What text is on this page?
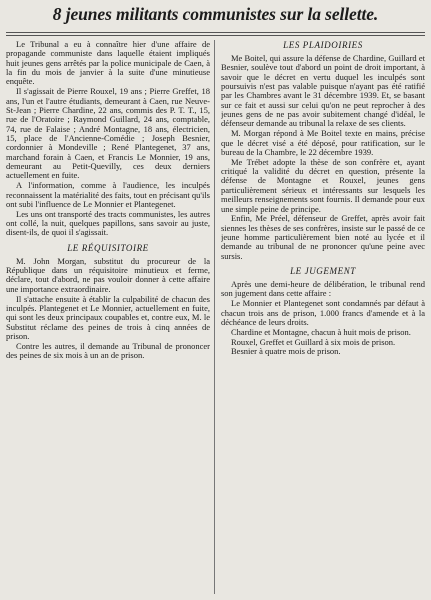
8 jeunes militants communistes sur la sellette.

Le Tribunal a eu à connaître hier d'une affaire de propagande communiste dans laquelle étaient impliqués huit jeunes gens arrêtés par la police municipale de Caen, à la fin du mois de janvier à la suite d'une minutieuse enquête.

Il s'agissait de Pierre Rouxel, 19 ans ; Pierre Greffet, 18 ans, l'un et l'autre étudiants, demeurant à Caen, rue Neuve-St-Jean ; Pierre Chardine, 22 ans, commis des P. T. T., 15, rue de l'Oratoire ; Raymond Guillard, 24 ans, comptable, 74, rue de Falaise ; André Montagne, 18 ans, électricien, 15, place de l'Ancienne-Comédie ; Joseph Besnier, cordonnier à Mondeville ; René Plantegenet, 37 ans, marchand forain à Caen, et Francis Le Monnier, 19 ans, demeurant au Petit-Quevilly, ces deux derniers actuellement en fuite.

A l'information, comme à l'audience, les inculpés reconnaissent la matérialité des faits, tout en précisant qu'ils ont subi l'influence de Le Monnier et Plantegenet.

Les uns ont transporté des tracts communistes, les autres ont collé, la nuit, quelques papillons, sans savoir au juste, disent-ils, de quoi il s'agissait.

LE RÉQUISITOIRE

M. John Morgan, substitut du procureur de la République dans un réquisitoire minutieux et ferme, déclare, tout d'abord, ne pas vouloir donner à cette affaire une importance extraordinaire.

Il s'attache ensuite à établir la culpabilité de chacun des inculpés. Plantegenet et Le Monnier, actuellement en fuite, qui sont les deux principaux coupables et, contre eux, M. le Substitut réclame des peines de trois à cinq années de prison.

Contre les autres, il demande au Tribunal de prononcer des peines de six mois à un an de prison.

LES PLAIDOIRIES

Me Boitel, qui assure la défense de Chardine, Guillard et Besnier, soulève tout d'abord un point de droit important, à savoir que le décret en vertu duquel les inculpés sont poursuivis n'est pas valable puisque n'ayant pas été ratifié par les Chambres avant le 31 décembre 1939. Et, se basant sur ce fait et aussi sur celui qu'on ne peut reprocher à des jeunes gens de ne pas avoir subitement changé d'idéal, le défenseur demande au tribunal la relaxe de ses clients.

M. Morgan répond à Me Boitel texte en mains, précise que le décret visé a été déposé, pour ratification, sur le bureau de la Chambre, le 22 décembre 1939.

Me Trébet adopte la thèse de son confrère et, ayant critiqué la validité du décret en question, présente la défense de Montagne et Rouxel, jeunes gens particulièrement sérieux et intéressants sur lesquels les meilleurs renseignements sont fournis. Il demande pour eux une simple peine de principe.

Enfin, Me Préel, défenseur de Greffet, après avoir fait siennes les thèses de ses confrères, insiste sur le passé de ce jeune homme particulièrement bien noté au lycée et il demande au tribunal de ne prononcer qu'une peine avec sursis.

LE JUGEMENT

Après une demi-heure de délibération, le tribunal rend son jugement dans cette affaire :

Le Monnier et Plantegenet sont condamnés par défaut à chacun trois ans de prison, 1.000 francs d'amende et à la déchéance de leurs droits.

Chardine et Montagne, chacun à huit mois de prison.

Rouxel, Greffet et Guillard à six mois de prison.

Besnier à quatre mois de prison.
